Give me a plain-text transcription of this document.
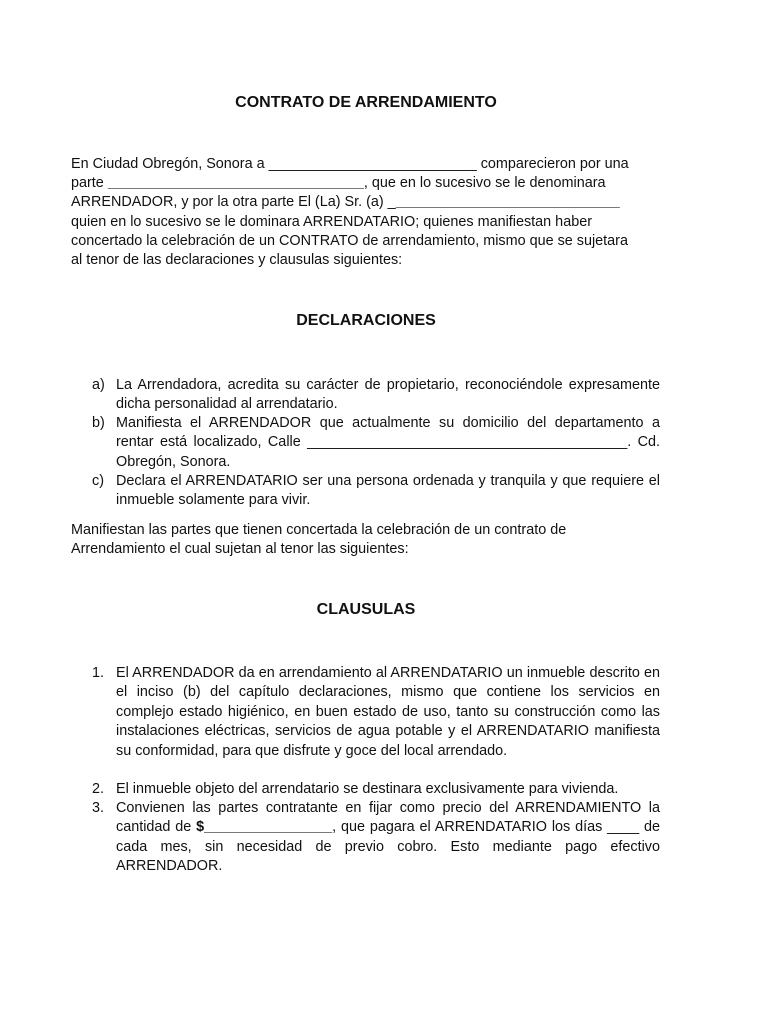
CONTRATO DE ARRENDAMIENTO

En Ciudad Obregón, Sonora a __________________________ comparecieron por una

parte ________________________________, que en lo sucesivo se le denominara

ARRENDADOR, y por la otra parte El (La) Sr. (a) _____________________________

quien en lo sucesivo se le dominara ARRENDATARIO; quienes manifiestan haber

concertado la celebración de un CONTRATO de arrendamiento, mismo que se sujetara

al tenor de las declaraciones y clausulas siguientes:

DECLARACIONES
a) La Arrendadora, acredita su carácter de propietario, reconociéndole expresamente dicha personalidad al arrendatario.
b) Manifiesta el ARRENDADOR que actualmente su domicilio del departamento a rentar está localizado, Calle ________________________________________. Cd. Obregón, Sonora.
c) Declara el ARRENDATARIO ser una persona ordenada y tranquila y que requiere el inmueble solamente para vivir.

Manifiestan las partes que tienen concertada la celebración de un contrato de

Arrendamiento el cual sujetan al tenor las siguientes:

CLAUSULAS
1. El ARRENDADOR da en arrendamiento al ARRENDATARIO un inmueble descrito en el inciso (b) del capítulo declaraciones, mismo que contiene los servicios en complejo estado higiénico, en buen estado de uso, tanto su construcción como las instalaciones eléctricas, servicios de agua potable y el ARRENDATARIO manifiesta su conformidad, para que disfrute y goce del local arrendado.
2. El inmueble objeto del arrendatario se destinara exclusivamente para vivienda.
3. Convienen las partes contratante en fijar como precio del ARRENDAMIENTO la cantidad de $________________, que pagara el ARRENDATARIO los días ____ de cada mes, sin necesidad de previo cobro. Esto mediante pago efectivo ARRENDADOR.
